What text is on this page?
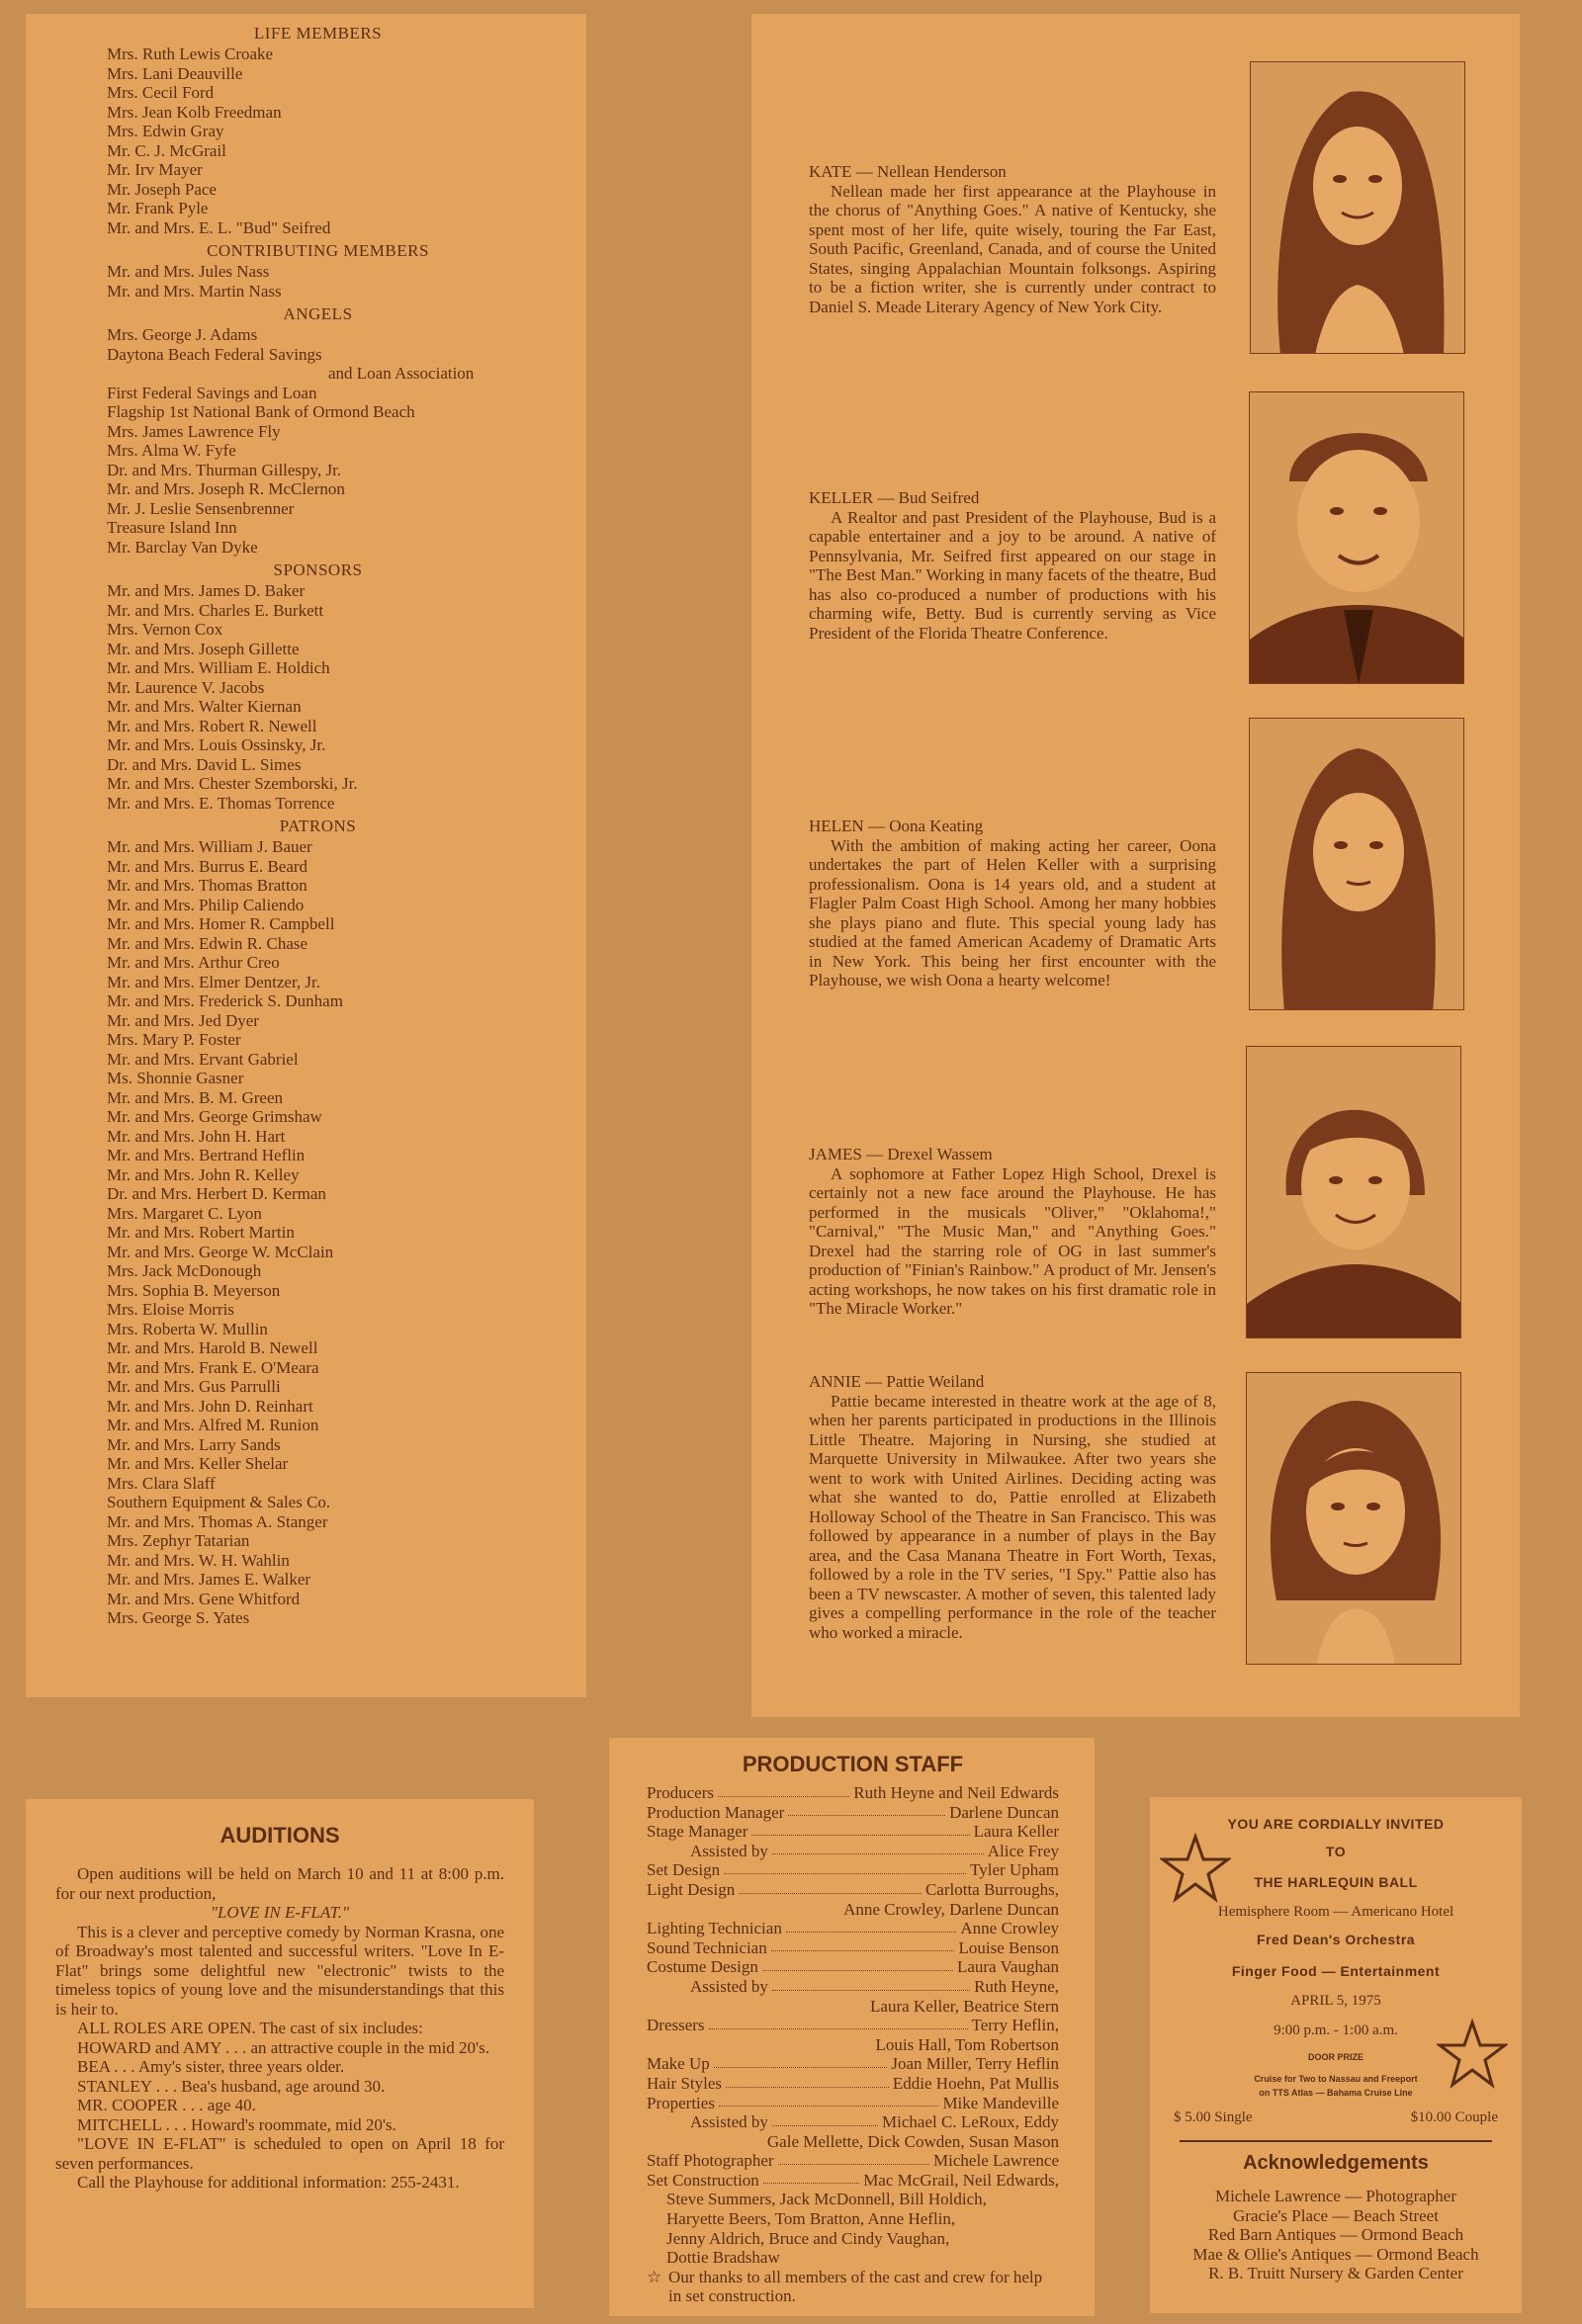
LIFE MEMBERS
Mrs. Ruth Lewis Croake
Mrs. Lani Deauville
Mrs. Cecil Ford
Mrs. Jean Kolb Freedman
Mrs. Edwin Gray
Mr. C. J. McGrail
Mr. Irv Mayer
Mr. Joseph Pace
Mr. Frank Pyle
Mr. and Mrs. E. L. "Bud" Seifred
CONTRIBUTING MEMBERS
Mr. and Mrs. Jules Nass
Mr. and Mrs. Martin Nass
ANGELS
Mrs. George J. Adams
Daytona Beach Federal Savings
and Loan Association
First Federal Savings and Loan
Flagship 1st National Bank of Ormond Beach
Mrs. James Lawrence Fly
Mrs. Alma W. Fyfe
Dr. and Mrs. Thurman Gillespy, Jr.
Mr. and Mrs. Joseph R. McClernon
Mr. J. Leslie Sensenbrenner
Treasure Island Inn
Mr. Barclay Van Dyke
SPONSORS
Mr. and Mrs. James D. Baker
Mr. and Mrs. Charles E. Burkett
Mrs. Vernon Cox
Mr. and Mrs. Joseph Gillette
Mr. and Mrs. William E. Holdich
Mr. Laurence V. Jacobs
Mr. and Mrs. Walter Kiernan
Mr. and Mrs. Robert R. Newell
Mr. and Mrs. Louis Ossinsky, Jr.
Dr. and Mrs. David L. Simes
Mr. and Mrs. Chester Szemborski, Jr.
Mr. and Mrs. E. Thomas Torrence
PATRONS
Mr. and Mrs. William J. Bauer
Mr. and Mrs. Burrus E. Beard
Mr. and Mrs. Thomas Bratton
Mr. and Mrs. Philip Caliendo
Mr. and Mrs. Homer R. Campbell
Mr. and Mrs. Edwin R. Chase
Mr. and Mrs. Arthur Creo
Mr. and Mrs. Elmer Dentzer, Jr.
Mr. and Mrs. Frederick S. Dunham
Mr. and Mrs. Jed Dyer
Mrs. Mary P. Foster
Mr. and Mrs. Ervant Gabriel
Ms. Shonnie Gasner
Mr. and Mrs. B. M. Green
Mr. and Mrs. George Grimshaw
Mr. and Mrs. John H. Hart
Mr. and Mrs. Bertrand Heflin
Mr. and Mrs. John R. Kelley
Dr. and Mrs. Herbert D. Kerman
Mrs. Margaret C. Lyon
Mr. and Mrs. Robert Martin
Mr. and Mrs. George W. McClain
Mrs. Jack McDonough
Mrs. Sophia B. Meyerson
Mrs. Eloise Morris
Mrs. Roberta W. Mullin
Mr. and Mrs. Harold B. Newell
Mr. and Mrs. Frank E. O'Meara
Mr. and Mrs. Gus Parrulli
Mr. and Mrs. John D. Reinhart
Mr. and Mrs. Alfred M. Runion
Mr. and Mrs. Larry Sands
Mr. and Mrs. Keller Shelar
Mrs. Clara Slaff
Southern Equipment & Sales Co.
Mr. and Mrs. Thomas A. Stanger
Mrs. Zephyr Tatarian
Mr. and Mrs. W. H. Wahlin
Mr. and Mrs. James E. Walker
Mr. and Mrs. Gene Whitford
Mrs. George S. Yates
KATE — Nellean Henderson
Nellean made her first appearance at the Playhouse in the chorus of "Anything Goes." A native of Kentucky, she spent most of her life, quite wisely, touring the Far East, South Pacific, Greenland, Canada, and of course the United States, singing Appalachian Mountain folksongs. Aspiring to be a fiction writer, she is currently under contract to Daniel S. Meade Literary Agency of New York City.
KELLER — Bud Seifred
A Realtor and past President of the Playhouse, Bud is a capable entertainer and a joy to be around. A native of Pennsylvania, Mr. Seifred first appeared on our stage in "The Best Man." Working in many facets of the theatre, Bud has also co-produced a number of productions with his charming wife, Betty. Bud is currently serving as Vice President of the Florida Theatre Conference.
HELEN — Oona Keating
With the ambition of making acting her career, Oona undertakes the part of Helen Keller with a surprising professionalism. Oona is 14 years old, and a student at Flagler Palm Coast High School. Among her many hobbies she plays piano and flute. This special young lady has studied at the famed American Academy of Dramatic Arts in New York. This being her first encounter with the Playhouse, we wish Oona a hearty welcome!
JAMES — Drexel Wassem
A sophomore at Father Lopez High School, Drexel is certainly not a new face around the Playhouse. He has performed in the musicals "Oliver," "Oklahoma!," "Carnival," "The Music Man," and "Anything Goes." Drexel had the starring role of OG in last summer's production of "Finian's Rainbow." A product of Mr. Jensen's acting workshops, he now takes on his first dramatic role in "The Miracle Worker."
ANNIE — Pattie Weiland
Pattie became interested in theatre work at the age of 8, when her parents participated in productions in the Illinois Little Theatre. Majoring in Nursing, she studied at Marquette University in Milwaukee. After two years she went to work with United Airlines. Deciding acting was what she wanted to do, Pattie enrolled at Elizabeth Holloway School of the Theatre in San Francisco. This was followed by appearance in a number of plays in the Bay area, and the Casa Manana Theatre in Fort Worth, Texas, followed by a role in the TV series, "I Spy." Pattie also has been a TV newscaster. A mother of seven, this talented lady gives a compelling performance in the role of the teacher who worked a miracle.
AUDITIONS
Open auditions will be held on March 10 and 11 at 8:00 p.m. for our next production,
"LOVE IN E-FLAT."
This is a clever and perceptive comedy by Norman Krasna, one of Broadway's most talented and successful writers. "Love In E-Flat" brings some delightful new "electronic" twists to the timeless topics of young love and the misunderstandings that this is heir to.
ALL ROLES ARE OPEN. The cast of six includes:
HOWARD and AMY . . . an attractive couple in the mid 20's.
BEA . . . Amy's sister, three years older.
STANLEY . . . Bea's husband, age around 30.
MR. COOPER . . . age 40.
MITCHELL . . . Howard's roommate, mid 20's.
"LOVE IN E-FLAT" is scheduled to open on April 18 for seven performances.
Call the Playhouse for additional information: 255-2431.
PRODUCTION STAFF
Producers	Ruth Heyne and Neil Edwards
Production Manager	Darlene Duncan
Stage Manager	Laura Keller
Assisted by	Alice Frey
Set Design	Tyler Upham
Light Design	Carlotta Burroughs,
Anne Crowley, Darlene Duncan
Lighting Technician	Anne Crowley
Sound Technician	Louise Benson
Costume Design	Laura Vaughan
Assisted by	Ruth Heyne,
Laura Keller, Beatrice Stern
Dressers	Terry Heflin,
Louis Hall, Tom Robertson
Make Up	Joan Miller, Terry Heflin
Hair Styles	Eddie Hoehn, Pat Mullis
Properties	Mike Mandeville
Assisted by	Michael C. LeRoux, Eddy
Gale Mellette, Dick Cowden, Susan Mason
Staff Photographer	Michele Lawrence
Set Construction	Mac McGrail, Neil Edwards,
Steve Summers, Jack McDonnell, Bill Holdich,
Haryette Beers, Tom Bratton, Anne Heflin,
Jenny Aldrich, Bruce and Cindy Vaughan,
Dottie Bradshaw
☆ Our thanks to all members of the cast and crew for help in set construction.
YOU ARE CORDIALLY INVITED
TO
THE HARLEQUIN BALL
Hemisphere Room — Americano Hotel
Fred Dean's Orchestra
Finger Food — Entertainment
APRIL 5, 1975
9:00 p.m. - 1:00 a.m.
DOOR PRIZE
Cruise for Two to Nassau and Freeport
on TTS Atlas — Bahama Cruise Line
$ 5.00 Single	$10.00 Couple
Acknowledgements
Michele Lawrence — Photographer
Gracie's Place — Beach Street
Red Barn Antiques — Ormond Beach
Mae & Ollie's Antiques — Ormond Beach
R. B. Truitt Nursery & Garden Center
